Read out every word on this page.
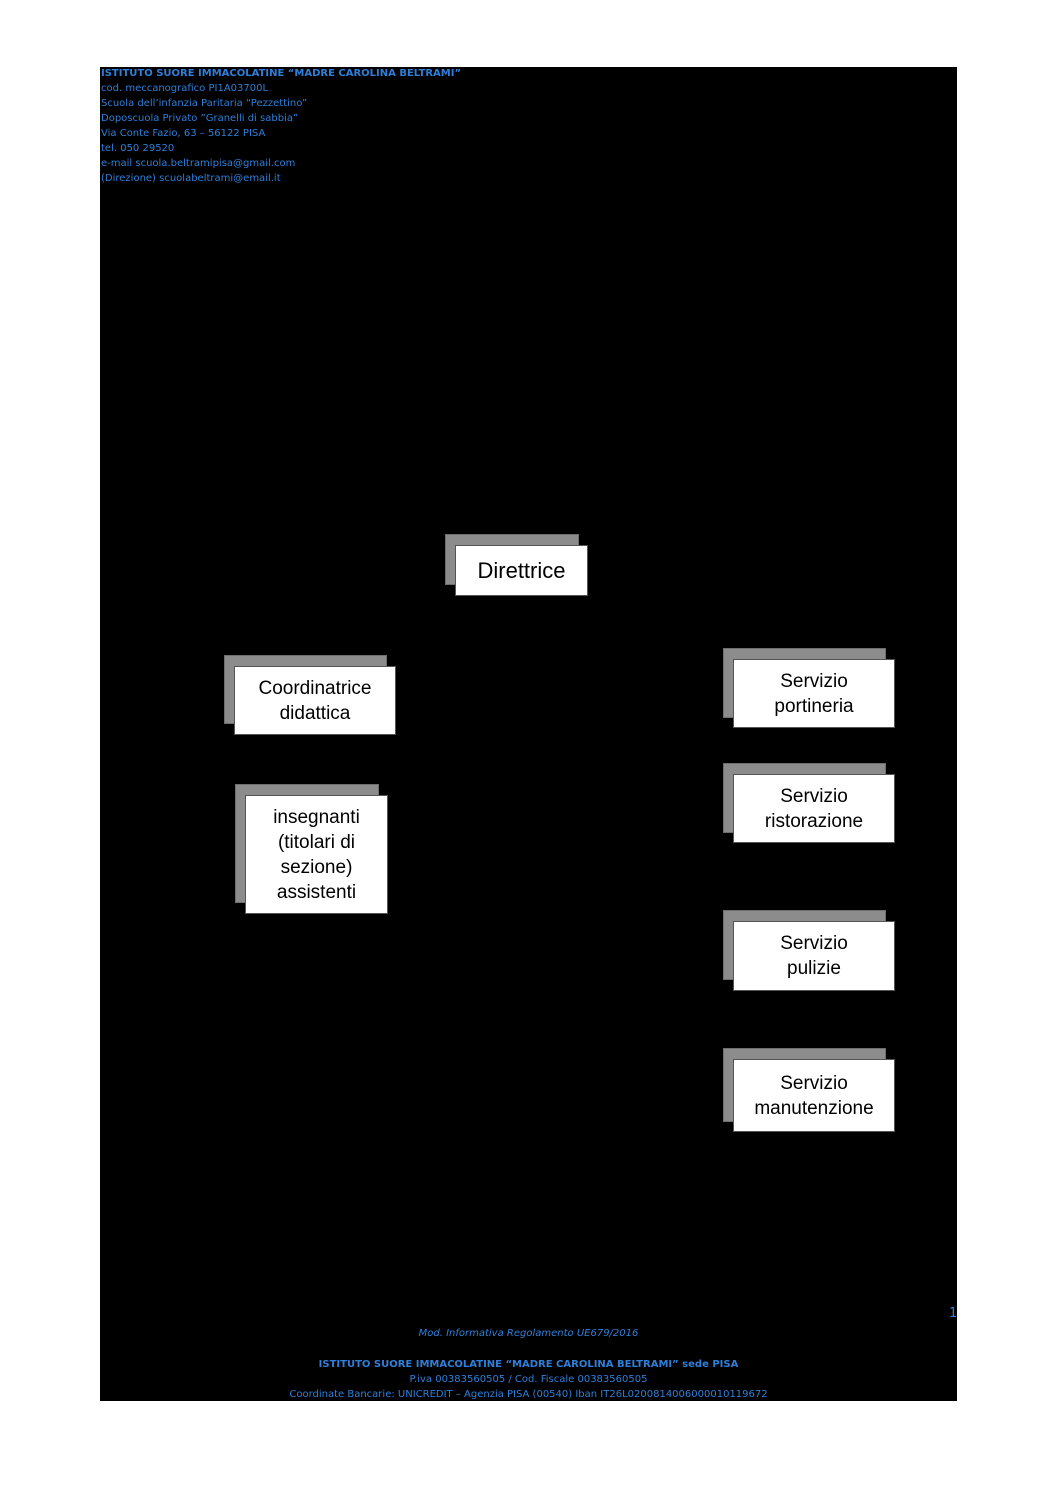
ISTITUTO SUORE IMMACOLATINE “MADRE CAROLINA BELTRAMI”
cod. meccanografico PI1A03700L
Scuola dell’infanzia Paritaria “Pezzettino”
Doposcuola Privato ”Granelli di sabbia”
Via Conte Fazio, 63 – 56122 PISA
tel. 050 29520
e-mail scuola.beltramipisa@gmail.com
(Direzione) scuolabeltrami@email.it
Direttrice
Coordinatrice
didattica
insegnanti
(titolari di
sezione)
assistenti
Servizio
portineria
Servizio
ristorazione
Servizio
pulizie
Servizio
manutenzione
1
Mod. Informativa Regolamento UE679/2016
ISTITUTO SUORE IMMACOLATINE “MADRE CAROLINA BELTRAMI” sede PISA
P.iva 00383560505 / Cod. Fiscale 00383560505
Coordinate Bancarie: UNICREDIT – Agenzia PISA (00540) Iban IT26L0200814006000010119672
